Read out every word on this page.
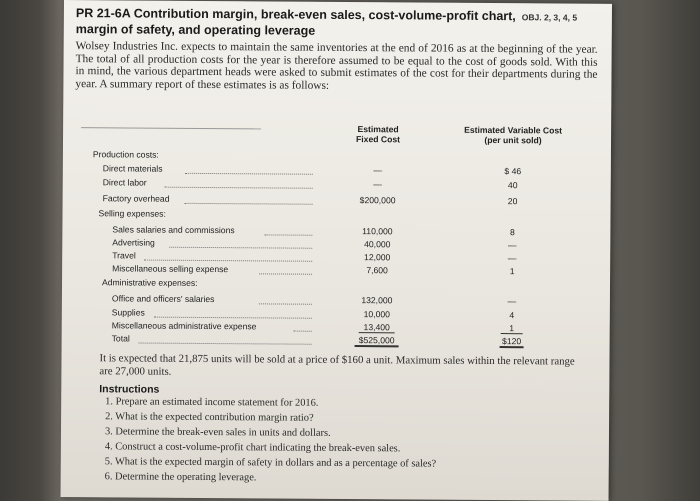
PR 21-6A Contribution margin, break-even sales, cost-volume-profit chart, OBJ. 2, 3, 4, 5
margin of safety, and operating leverage

Wolsey Industries Inc. expects to maintain the same inventories at the end of 2016 as at the beginning of the year. The total of all production costs for the year is therefore assumed to be equal to the cost of goods sold. With this in mind, the various department heads were asked to submit estimates of the cost for their departments during the year. A summary report of these estimates is as follows:

Estimated
Fixed Cost
Estimated Variable Cost
(per unit sold)
Production costs:
Direct materials	—	$ 46
Direct labor	—	40
Factory overhead	$200,000	20
Selling expenses:
Sales salaries and commissions	110,000	8
Advertising	40,000	—
Travel	12,000	—
Miscellaneous selling expense	7,600	1
Administrative expenses:
Office and officers' salaries	132,000	—
Supplies	10,000	4
Miscellaneous administrative expense	13,400	1
Total	$525,000	$120
It is expected that 21,875 units will be sold at a price of $160 a unit. Maximum sales within the relevant range are 27,000 units.
Instructions
1. Prepare an estimated income statement for 2016.
2. What is the expected contribution margin ratio?
3. Determine the break-even sales in units and dollars.
4. Construct a cost-volume-profit chart indicating the break-even sales.
5. What is the expected margin of safety in dollars and as a percentage of sales?
6. Determine the operating leverage.
